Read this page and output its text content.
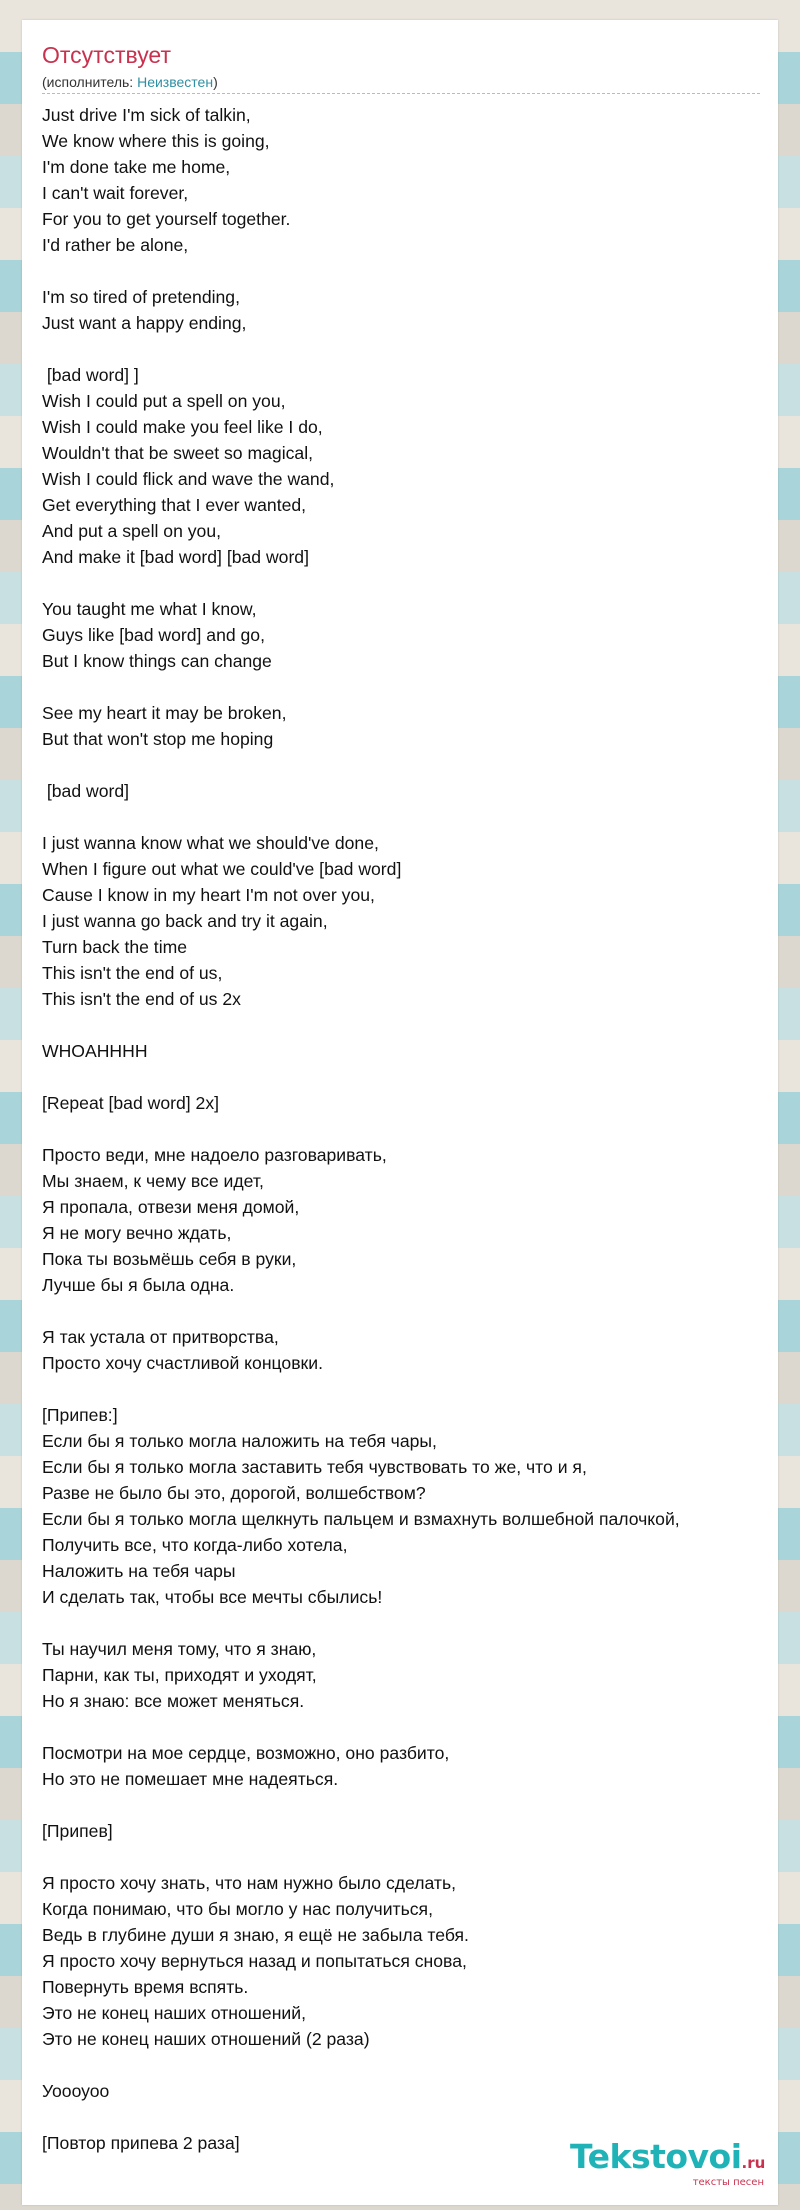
Отсутствует
(исполнитель: Неизвестен)
Just drive I'm sick of talkin,
We know where this is going,
I'm done take me home,
I can't wait forever,
For you to get yourself together.
I'd rather be alone,

I'm so tired of pretending,
Just want a happy ending,

[bad word] ]
Wish I could put a spell on you,
Wish I could make you feel like I do,
Wouldn't that be sweet so magical,
Wish I could flick and wave the wand,
Get everything that I ever wanted,
And put a spell on you,
And make it [bad word] [bad word]

You taught me what I know,
Guys like [bad word] and go,
But I know things can change

See my heart it may be broken,
But that won't stop me hoping

[bad word]

I just wanna know what we should've done,
When I figure out what we could've [bad word]
Cause I know in my heart I'm not over you,
I just wanna go back and try it again,
Turn back the time
This isn't the end of us,
This isn't the end of us 2x

WHOAHHHH

[Repeat [bad word] 2x]

Просто веди, мне надоело разговаривать,
Мы знаем, к чему все идет,
Я пропала, отвези меня домой,
Я не могу вечно ждать,
Пока ты возьмёшь себя в руки,
Лучше бы я была одна.

Я так устала от притворства,
Просто хочу счастливой концовки.

[Припев:]
Если бы я только могла наложить на тебя чары,
Если бы я только могла заставить тебя чувствовать то же, что и я,
Разве не было бы это, дорогой, волшебством?
Если бы я только могла щелкнуть пальцем и взмахнуть волшебной палочкой,
Получить все, что когда-либо хотела,
Наложить на тебя чары
И сделать так, чтобы все мечты сбылись!

Ты научил меня тому, что я знаю,
Парни, как ты, приходят и уходят,
Но я знаю: все может меняться.

Посмотри на мое сердце, возможно, оно разбито,
Но это не помешает мне надеяться.

[Припев]

Я просто хочу знать, что нам нужно было сделать,
Когда понимаю, что бы могло у нас получиться,
Ведь в глубине души я знаю, я ещё не забыла тебя.
Я просто хочу вернуться назад и попытаться снова,
Повернуть время вспять.
Это не конец наших отношений,
Это не конец наших отношений (2 раза)

Уоооуоо

[Повтор припева 2 раза]	Tekstovoi.ru
тексты песен
